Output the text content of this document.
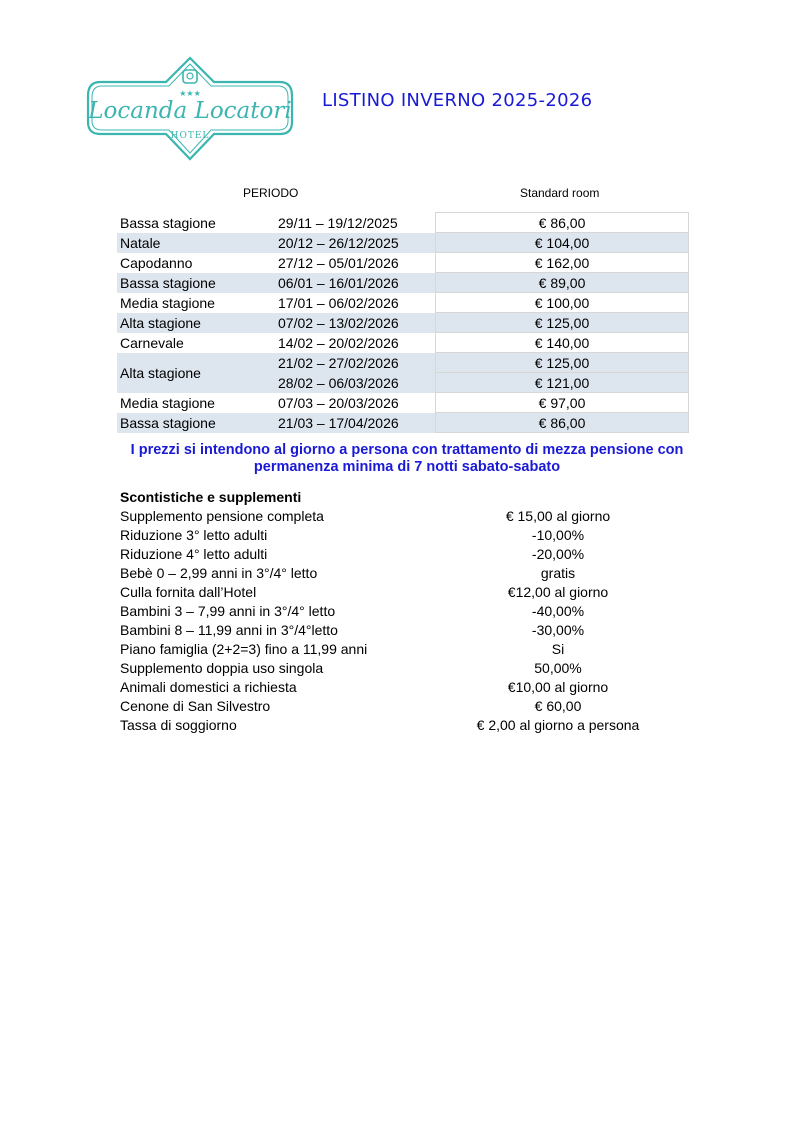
★★★
Locanda Locatori
HOTEL
LISTINO INVERNO 2025-2026
PERIODO	Standard room
Bassa stagione	29/11 – 19/12/2025	€ 86,00
Natale	20/12 – 26/12/2025	€ 104,00
Capodanno	27/12 – 05/01/2026	€ 162,00
Bassa stagione	06/01 – 16/01/2026	€ 89,00
Media stagione	17/01 – 06/02/2026	€ 100,00
Alta stagione	07/02 – 13/02/2026	€ 125,00
Carnevale	14/02 – 20/02/2026	€ 140,00
Alta stagione	21/02 – 27/02/2026	€ 125,00
	28/02 – 06/03/2026	€ 121,00
Media stagione	07/03 – 20/03/2026	€ 97,00
Bassa stagione	21/03 – 17/04/2026	€ 86,00
I prezzi si intendono al giorno a persona con trattamento di mezza pensione con permanenza minima di 7 notti sabato-sabato
Scontistiche e supplementi
Supplemento pensione completa	€ 15,00 al giorno
Riduzione 3° letto adulti	-10,00%
Riduzione 4° letto adulti	-20,00%
Bebè 0 – 2,99 anni in 3°/4° letto	gratis
Culla fornita dall’Hotel	€12,00 al giorno
Bambini 3 – 7,99 anni in 3°/4° letto	-40,00%
Bambini 8 – 11,99 anni in 3°/4°letto	-30,00%
Piano famiglia (2+2=3) fino a 11,99 anni	Si
Supplemento doppia uso singola	50,00%
Animali domestici a richiesta	€10,00 al giorno
Cenone di San Silvestro	€ 60,00
Tassa di soggiorno	€ 2,00 al giorno a persona
